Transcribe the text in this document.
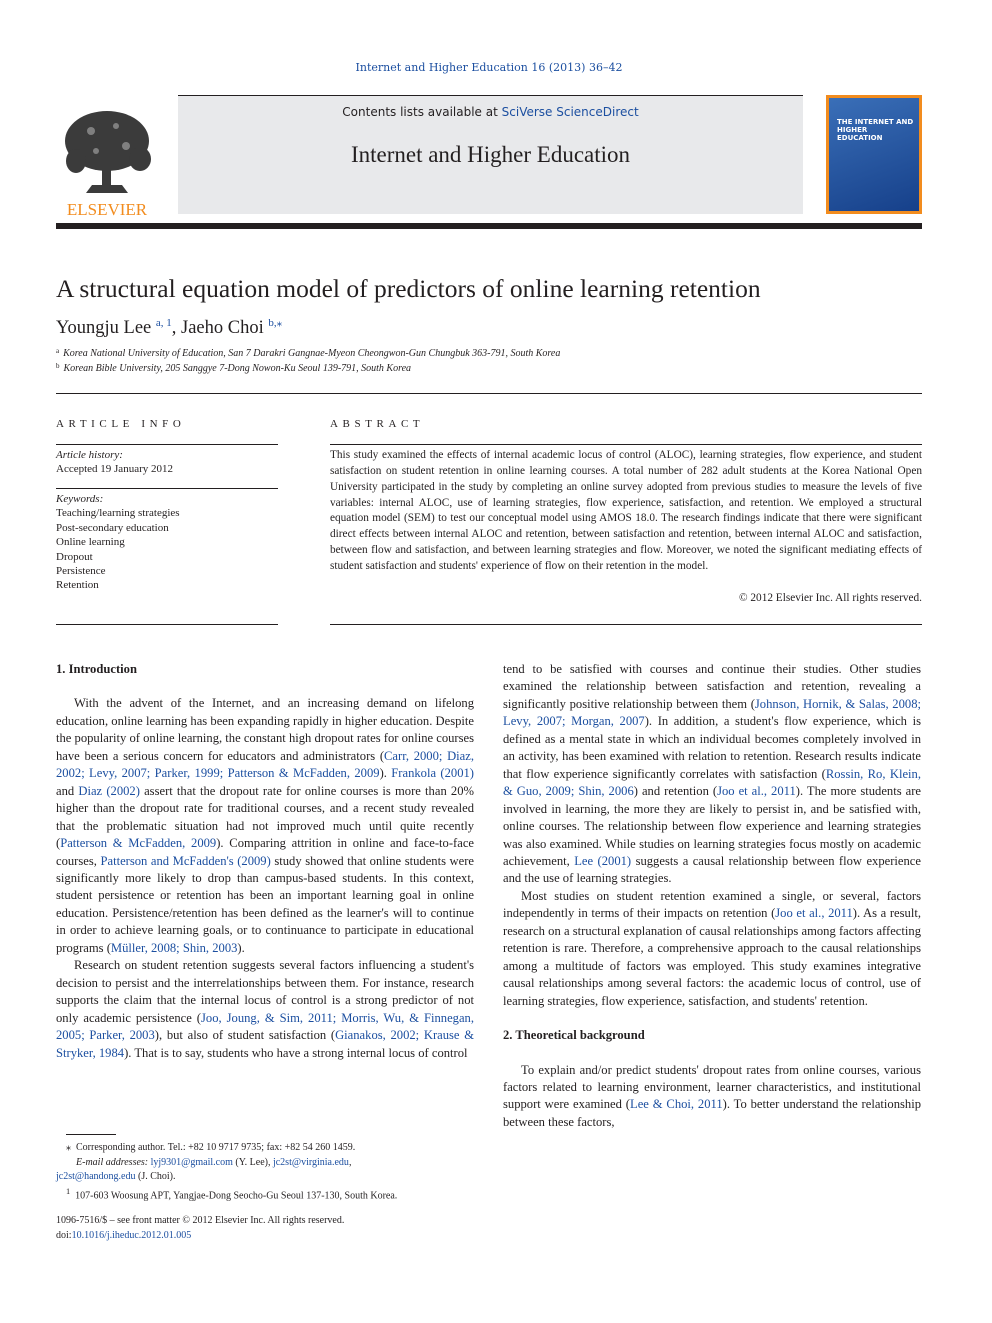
Internet and Higher Education 16 (2013) 36–42
ELSEVIER
Contents lists available at SciVerse ScienceDirect
Internet and Higher Education
THE INTERNET AND HIGHER EDUCATION
A structural equation model of predictors of online learning retention
Youngju Lee $^{a, 1}$, Jaeho Choi $^{b,⁎}$
$^a$ Korea National University of Education, San 7 Darakri Gangnae-Myeon Cheongwon-Gun Chungbuk 363-791, South Korea
$^b$ Korean Bible University, 205 Sanggye 7-Dong Nowon-Ku Seoul 139-791, South Korea
ARTICLE INFO	ABSTRACT
Article history:
Accepted 19 January 2012
Keywords:
Teaching/learning strategies
Post-secondary education
Online learning
Dropout
Persistence
Retention
This study examined the effects of internal academic locus of control (ALOC), learning strategies, flow experience, and student satisfaction on student retention in online learning courses. A total number of 282 adult students at the Korea National Open University participated in the study by completing an online survey adopted from previous studies to measure the levels of five variables: internal ALOC, use of learning strategies, flow experience, satisfaction, and retention. We employed a structural equation model (SEM) to test our conceptual model using AMOS 18.0. The research findings indicate that there were significant direct effects between internal ALOC and retention, between satisfaction and retention, between internal ALOC and satisfaction, between flow and satisfaction, and between learning strategies and flow. Moreover, we noted the significant mediating effects of student satisfaction and students' experience of flow on their retention in the model.
© 2012 Elsevier Inc. All rights reserved.
1. Introduction

With the advent of the Internet, and an increasing demand on lifelong education, online learning has been expanding rapidly in higher education. Despite the popularity of online learning, the constant high dropout rates for online courses have been a serious concern for educators and administrators (Carr, 2000; Diaz, 2002; Levy, 2007; Parker, 1999; Patterson & McFadden, 2009). Frankola (2001) and Diaz (2002) assert that the dropout rate for online courses is more than 20% higher than the dropout rate for traditional courses, and a recent study revealed that the problematic situation had not improved much until quite recently (Patterson & McFadden, 2009). Comparing attrition in online and face-to-face courses, Patterson and McFadden's (2009) study showed that online students were significantly more likely to drop than campus-based students. In this context, student persistence or retention has been an important learning goal in online education. Persistence/retention has been defined as the learner's will to continue in order to achieve learning goals, or to continuance to participate in educational programs (Müller, 2008; Shin, 2003).

Research on student retention suggests several factors influencing a student's decision to persist and the interrelationships between them. For instance, research supports the claim that the internal locus of control is a strong predictor of not only academic persistence (Joo, Joung, & Sim, 2011; Morris, Wu, & Finnegan, 2005; Parker, 2003), but also of student satisfaction (Gianakos, 2002; Krause & Stryker, 1984). That is to say, students who have a strong internal locus of control

tend to be satisfied with courses and continue their studies. Other studies examined the relationship between satisfaction and retention, revealing a significantly positive relationship between them (Johnson, Hornik, & Salas, 2008; Levy, 2007; Morgan, 2007). In addition, a student's flow experience, which is defined as a mental state in which an individual becomes completely involved in an activity, has been examined with relation to retention. Research results indicate that flow experience significantly correlates with satisfaction (Rossin, Ro, Klein, & Guo, 2009; Shin, 2006) and retention (Joo et al., 2011). The more students are involved in learning, the more they are likely to persist in, and be satisfied with, online courses. The relationship between flow experience and learning strategies was also examined. While studies on learning strategies focus mostly on academic achievement, Lee (2001) suggests a causal relationship between flow experience and the use of learning strategies.

Most studies on student retention examined a single, or several, factors independently in terms of their impacts on retention (Joo et al., 2011). As a result, research on a structural explanation of causal relationships among factors affecting retention is rare. Therefore, a comprehensive approach to the causal relationships among a multitude of factors was employed. This study examines integrative causal relationships among several factors: the academic locus of control, use of learning strategies, flow experience, satisfaction, and students' retention.

2. Theoretical background

To explain and/or predict students' dropout rates from online courses, various factors related to learning environment, learner characteristics, and institutional support were examined (Lee & Choi, 2011). To better understand the relationship between these factors,

⁎ Corresponding author. Tel.: +82 10 9717 9735; fax: +82 54 260 1459.
E-mail addresses: lyj9301@gmail.com (Y. Lee), jc2st@virginia.edu,
jc2st@handong.edu (J. Choi).
$^1$ 107-603 Woosung APT, Yangjae-Dong Seocho-Gu Seoul 137-130, South Korea.
1096-7516/$ – see front matter © 2012 Elsevier Inc. All rights reserved.
doi:10.1016/j.iheduc.2012.01.005
